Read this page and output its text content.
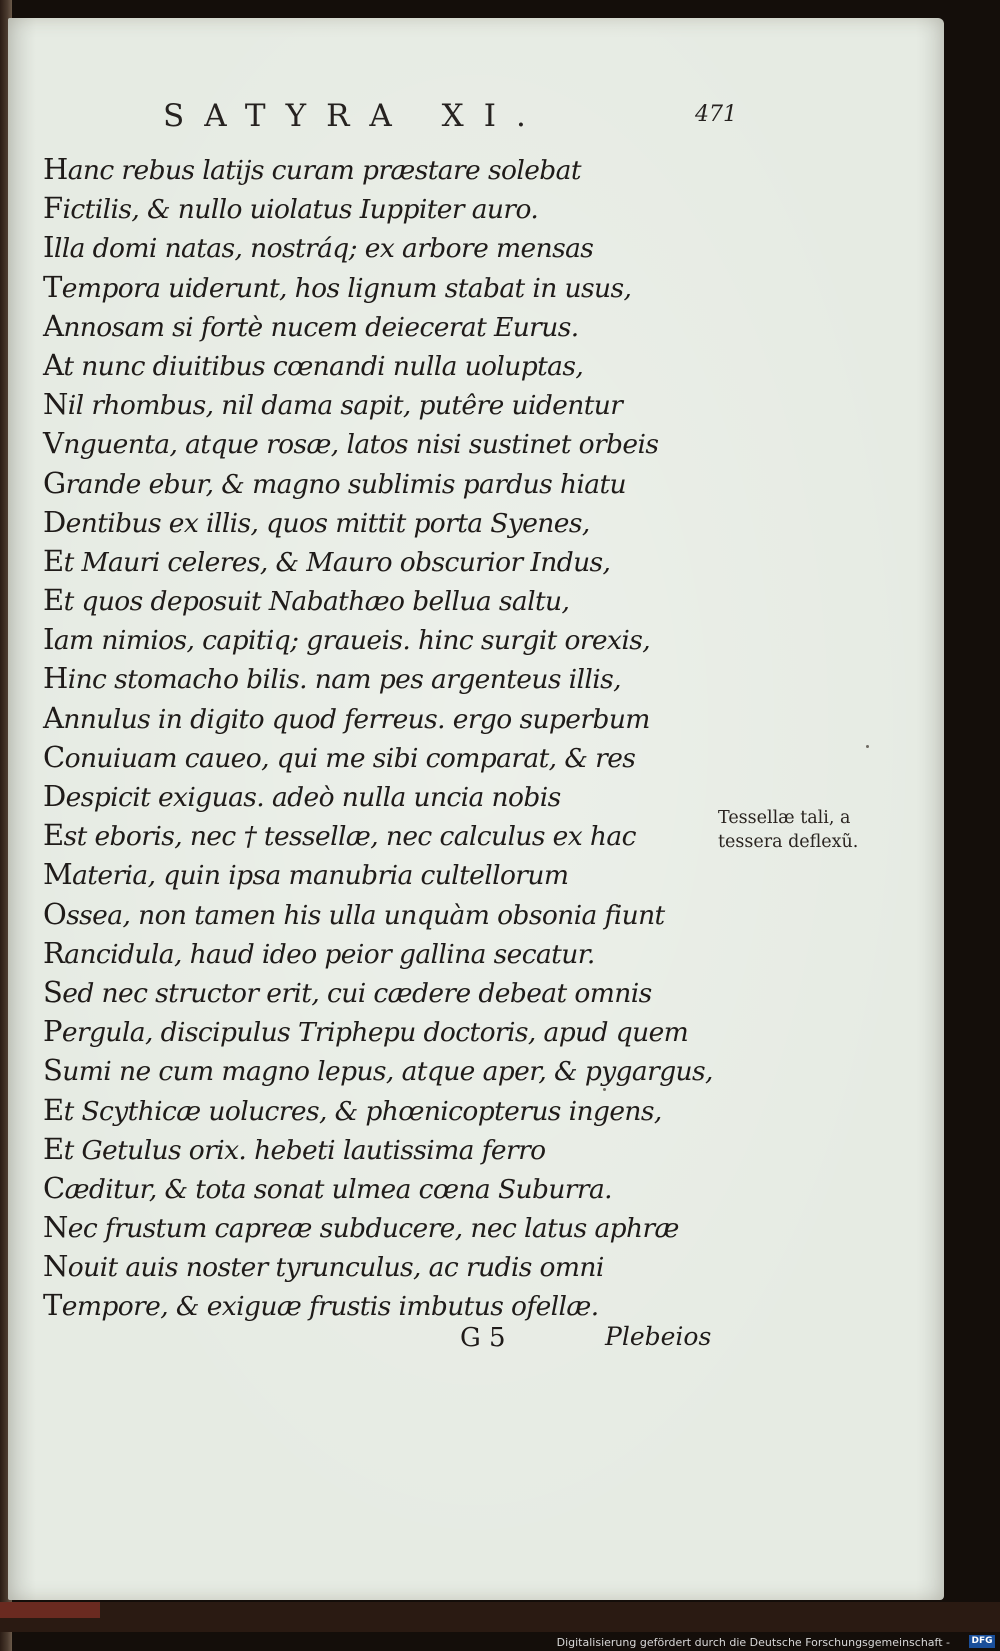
SATYRA XI.	471
Hanc rebus latijs curam præstare solebat
Fictilis, & nullo uiolatus Iuppiter auro.
Illa domi natas, nostráq; ex arbore mensas
Tempora uiderunt, hos lignum stabat in usus,
Annosam si fortè nucem deiecerat Eurus.
At nunc diuitibus cœnandi nulla uoluptas,
Nil rhombus, nil dama sapit, putêre uidentur
Vnguenta, atque rosæ, latos nisi sustinet orbeis
Grande ebur, & magno sublimis pardus hiatu
Dentibus ex illis, quos mittit porta Syenes,
Et Mauri celeres, & Mauro obscurior Indus,
Et quos deposuit Nabathæo bellua saltu,
Iam nimios, capitiq; graueis. hinc surgit orexis,
Hinc stomacho bilis. nam pes argenteus illis,
Annulus in digito quod ferreus. ergo superbum
Conuiuam caueo, qui me sibi comparat, & res
Despicit exiguas. adeò nulla uncia nobis
Est eboris, nec † tessellæ, nec calculus ex hac
Materia, quin ipsa manubria cultellorum
Ossea, non tamen his ulla unquàm obsonia fiunt
Rancidula, haud ideo peior gallina secatur.
Sed nec structor erit, cui cædere debeat omnis
Pergula, discipulus Triphери doctoris, apud quem
Sumi ne cum magno lepus, atque aper, & pygargus,
Et Scythicæ uolucres, & phœnicopterus ingens,
Et Getulus orix. hebeti lautissima ferro
Cæditur, & tota sonat ulmea cœna Suburra.
Nec frustum capreæ subducere, nec latus aphræ
Nouit auis noster tyrunculus, ac rudis omni
Tempore, & exiguæ frustis imbutus ofellæ.
Tessellæ tali, a
tessera deflexũ.
G 5	Plebeios
Digitalisierung gefördert durch die Deutsche Forschungsgemeinschaft - DFG
